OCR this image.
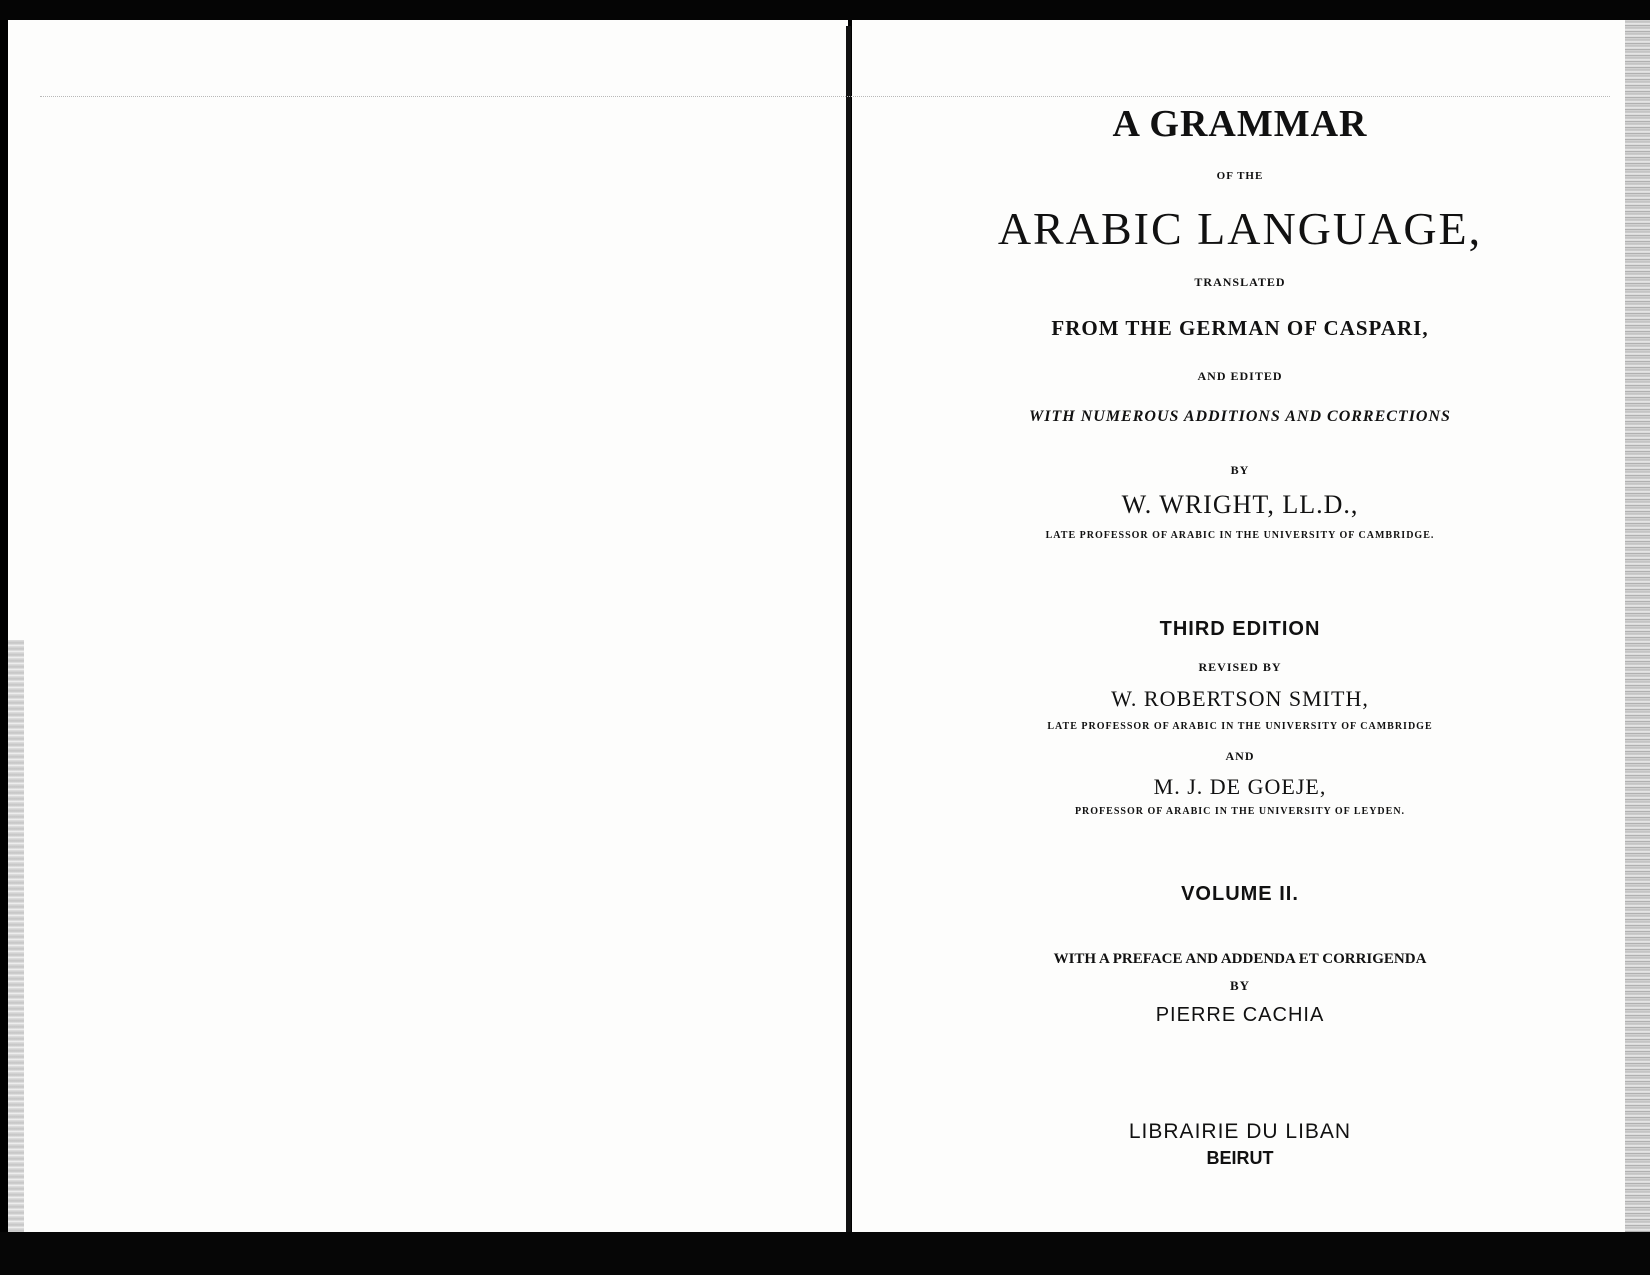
A GRAMMAR
OF THE
ARABIC LANGUAGE,
TRANSLATED
FROM THE GERMAN OF CASPARI,
AND EDITED
WITH NUMEROUS ADDITIONS AND CORRECTIONS
BY
W. WRIGHT, LL.D.,
LATE PROFESSOR OF ARABIC IN THE UNIVERSITY OF CAMBRIDGE.
THIRD EDITION
REVISED BY
W. ROBERTSON SMITH,
LATE PROFESSOR OF ARABIC IN THE UNIVERSITY OF CAMBRIDGE
AND
M. J. DE GOEJE,
PROFESSOR OF ARABIC IN THE UNIVERSITY OF LEYDEN.
VOLUME II.
WITH A PREFACE AND ADDENDA ET CORRIGENDA
BY
PIERRE CACHIA
LIBRAIRIE DU LIBAN
BEIRUT
